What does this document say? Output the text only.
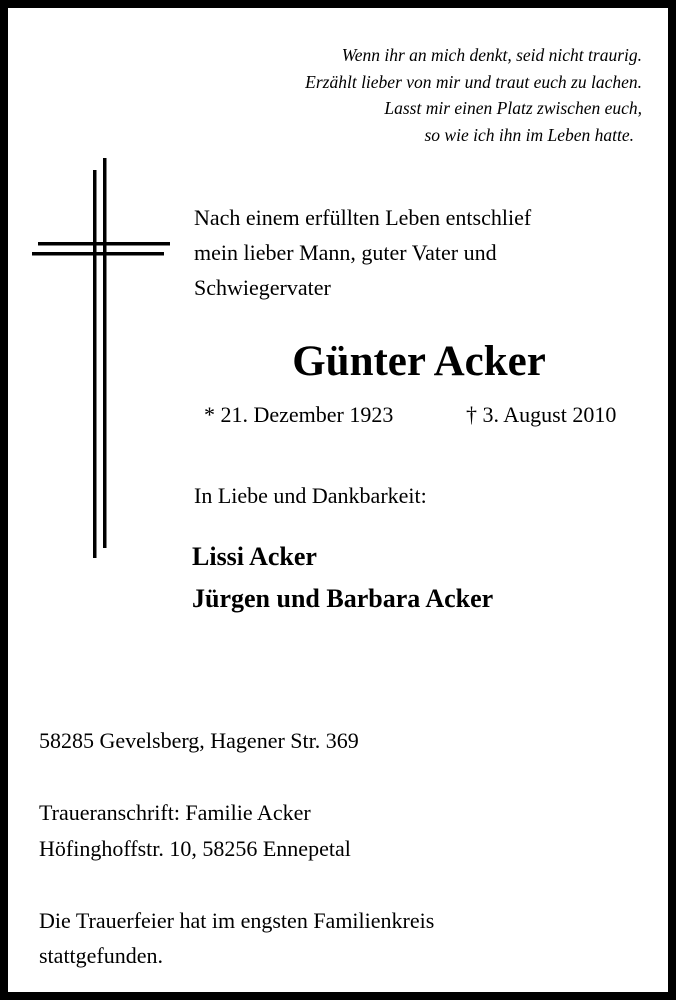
Wenn ihr an mich denkt, seid nicht traurig.
Erzählt lieber von mir und traut euch zu lachen.
Lasst mir einen Platz zwischen euch,
so wie ich ihn im Leben hatte.
Nach einem erfüllten Leben entschlief
mein lieber Mann, guter Vater und
Schwiegervater
Günter Acker
* 21. Dezember 1923	† 3. August 2010
In Liebe und Dankbarkeit:
Lissi Acker
Jürgen und Barbara Acker
58285 Gevelsberg, Hagener Str. 369
Traueranschrift: Familie Acker
Höfinghoffstr. 10, 58256 Ennepetal
Die Trauerfeier hat im engsten Familienkreis
stattgefunden.
